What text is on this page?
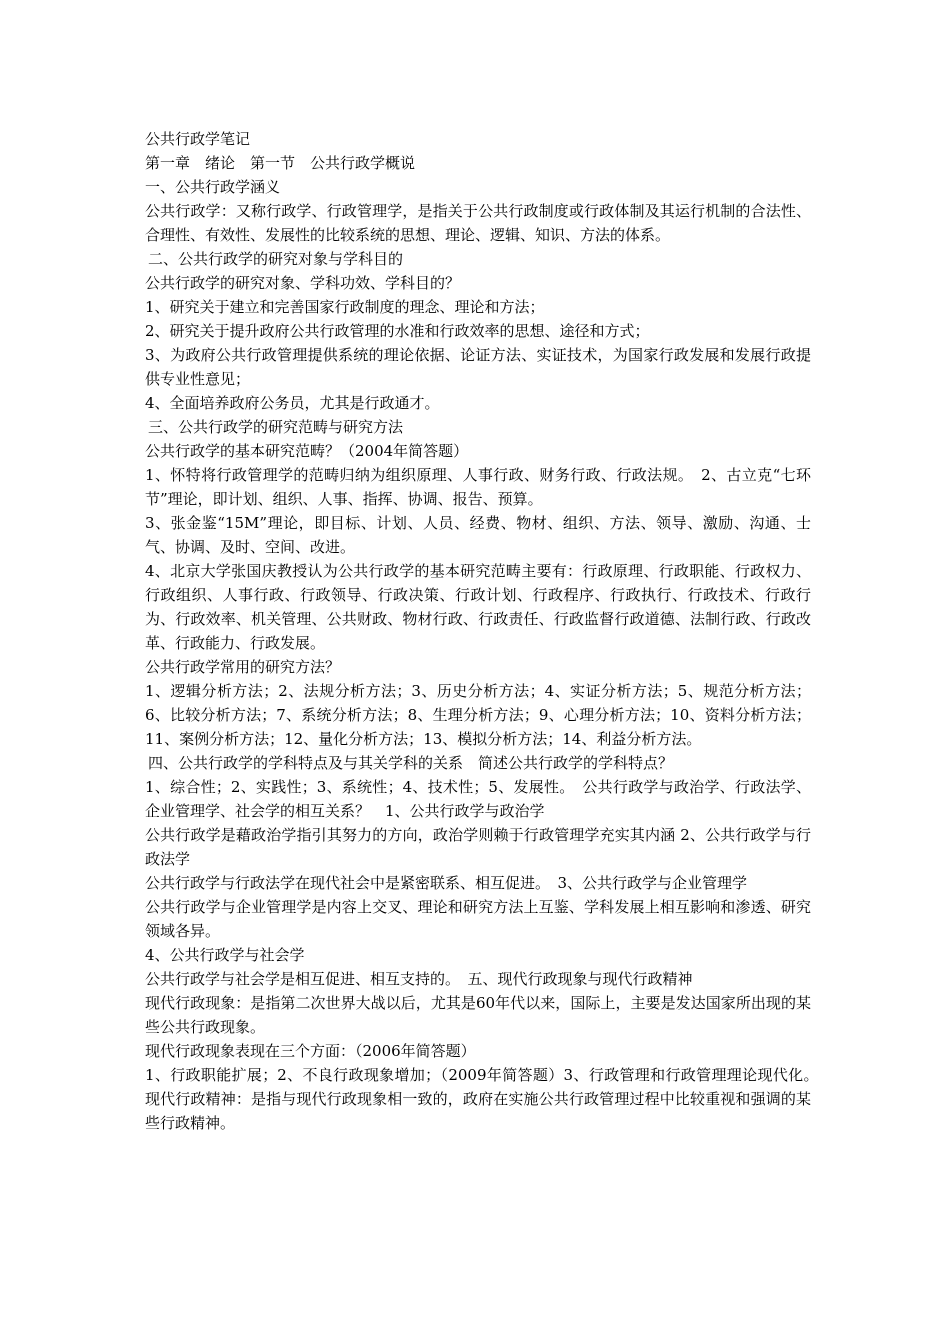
公共行政学笔记

第一章　绪论　第一节　公共行政学概说

一、公共行政学涵义

公共行政学：又称行政学、行政管理学，是指关于公共行政制度或行政体制及其运行机制的合法性、合理性、有效性、发展性的比较系统的思想、理论、逻辑、知识、方法的体系。

二、公共行政学的研究对象与学科目的

公共行政学的研究对象、学科功效、学科目的？

1、研究关于建立和完善国家行政制度的理念、理论和方法；

2、研究关于提升政府公共行政管理的水准和行政效率的思想、途径和方式；

3、为政府公共行政管理提供系统的理论依据、论证方法、实证技术，为国家行政发展和发展行政提供专业性意见；

4、全面培养政府公务员，尤其是行政通才。

三、公共行政学的研究范畴与研究方法

公共行政学的基本研究范畴？（2004年简答题）

1、怀特将行政管理学的范畴归纳为组织原理、人事行政、财务行政、行政法规。　2、古立克“七环节”理论，即计划、组织、人事、指挥、协调、报告、预算。

3、张金鉴“15M”理论，即目标、计划、人员、经费、物材、组织、方法、领导、激励、沟通、士气、协调、及时、空间、改进。

4、北京大学张国庆教授认为公共行政学的基本研究范畴主要有：行政原理、行政职能、行政权力、行政组织、人事行政、行政领导、行政决策、行政计划、行政程序、行政执行、行政技术、行政行为、行政效率、机关管理、公共财政、物材行政、行政责任、行政监督行政道德、法制行政、行政改革、行政能力、行政发展。

公共行政学常用的研究方法？

1、逻辑分析方法；2、法规分析方法；3、历史分析方法；4、实证分析方法；5、规范分析方法；6、比较分析方法；7、系统分析方法；8、生理分析方法；9、心理分析方法；10、资料分析方法；11、案例分析方法；12、量化分析方法；13、模拟分析方法；14、利益分析方法。

四、公共行政学的学科特点及与其关学科的关系　简述公共行政学的学科特点？

1、综合性；2、实践性；3、系统性；4、技术性；5、发展性。　公共行政学与政治学、行政法学、企业管理学、社会学的相互关系？　1、公共行政学与政治学

公共行政学是藉政治学指引其努力的方向，政治学则赖于行政管理学充实其内涵 2、公共行政学与行政法学

公共行政学与行政法学在现代社会中是紧密联系、相互促进。　3、公共行政学与企业管理学

公共行政学与企业管理学是内容上交叉、理论和研究方法上互鉴、学科发展上相互影响和渗透、研究领域各异。

4、公共行政学与社会学

公共行政学与社会学是相互促进、相互支持的。　五、现代行政现象与现代行政精神

现代行政现象：是指第二次世界大战以后，尤其是60年代以来，国际上，主要是发达国家所出现的某些公共行政现象。

现代行政现象表现在三个方面：（2006年简答题）

1、行政职能扩展；2、不良行政现象增加；（2009年简答题）3、行政管理和行政管理理论现代化。　现代行政精神：是指与现代行政现象相一致的，政府在实施公共行政管理过程中比较重视和强调的某些行政精神。
